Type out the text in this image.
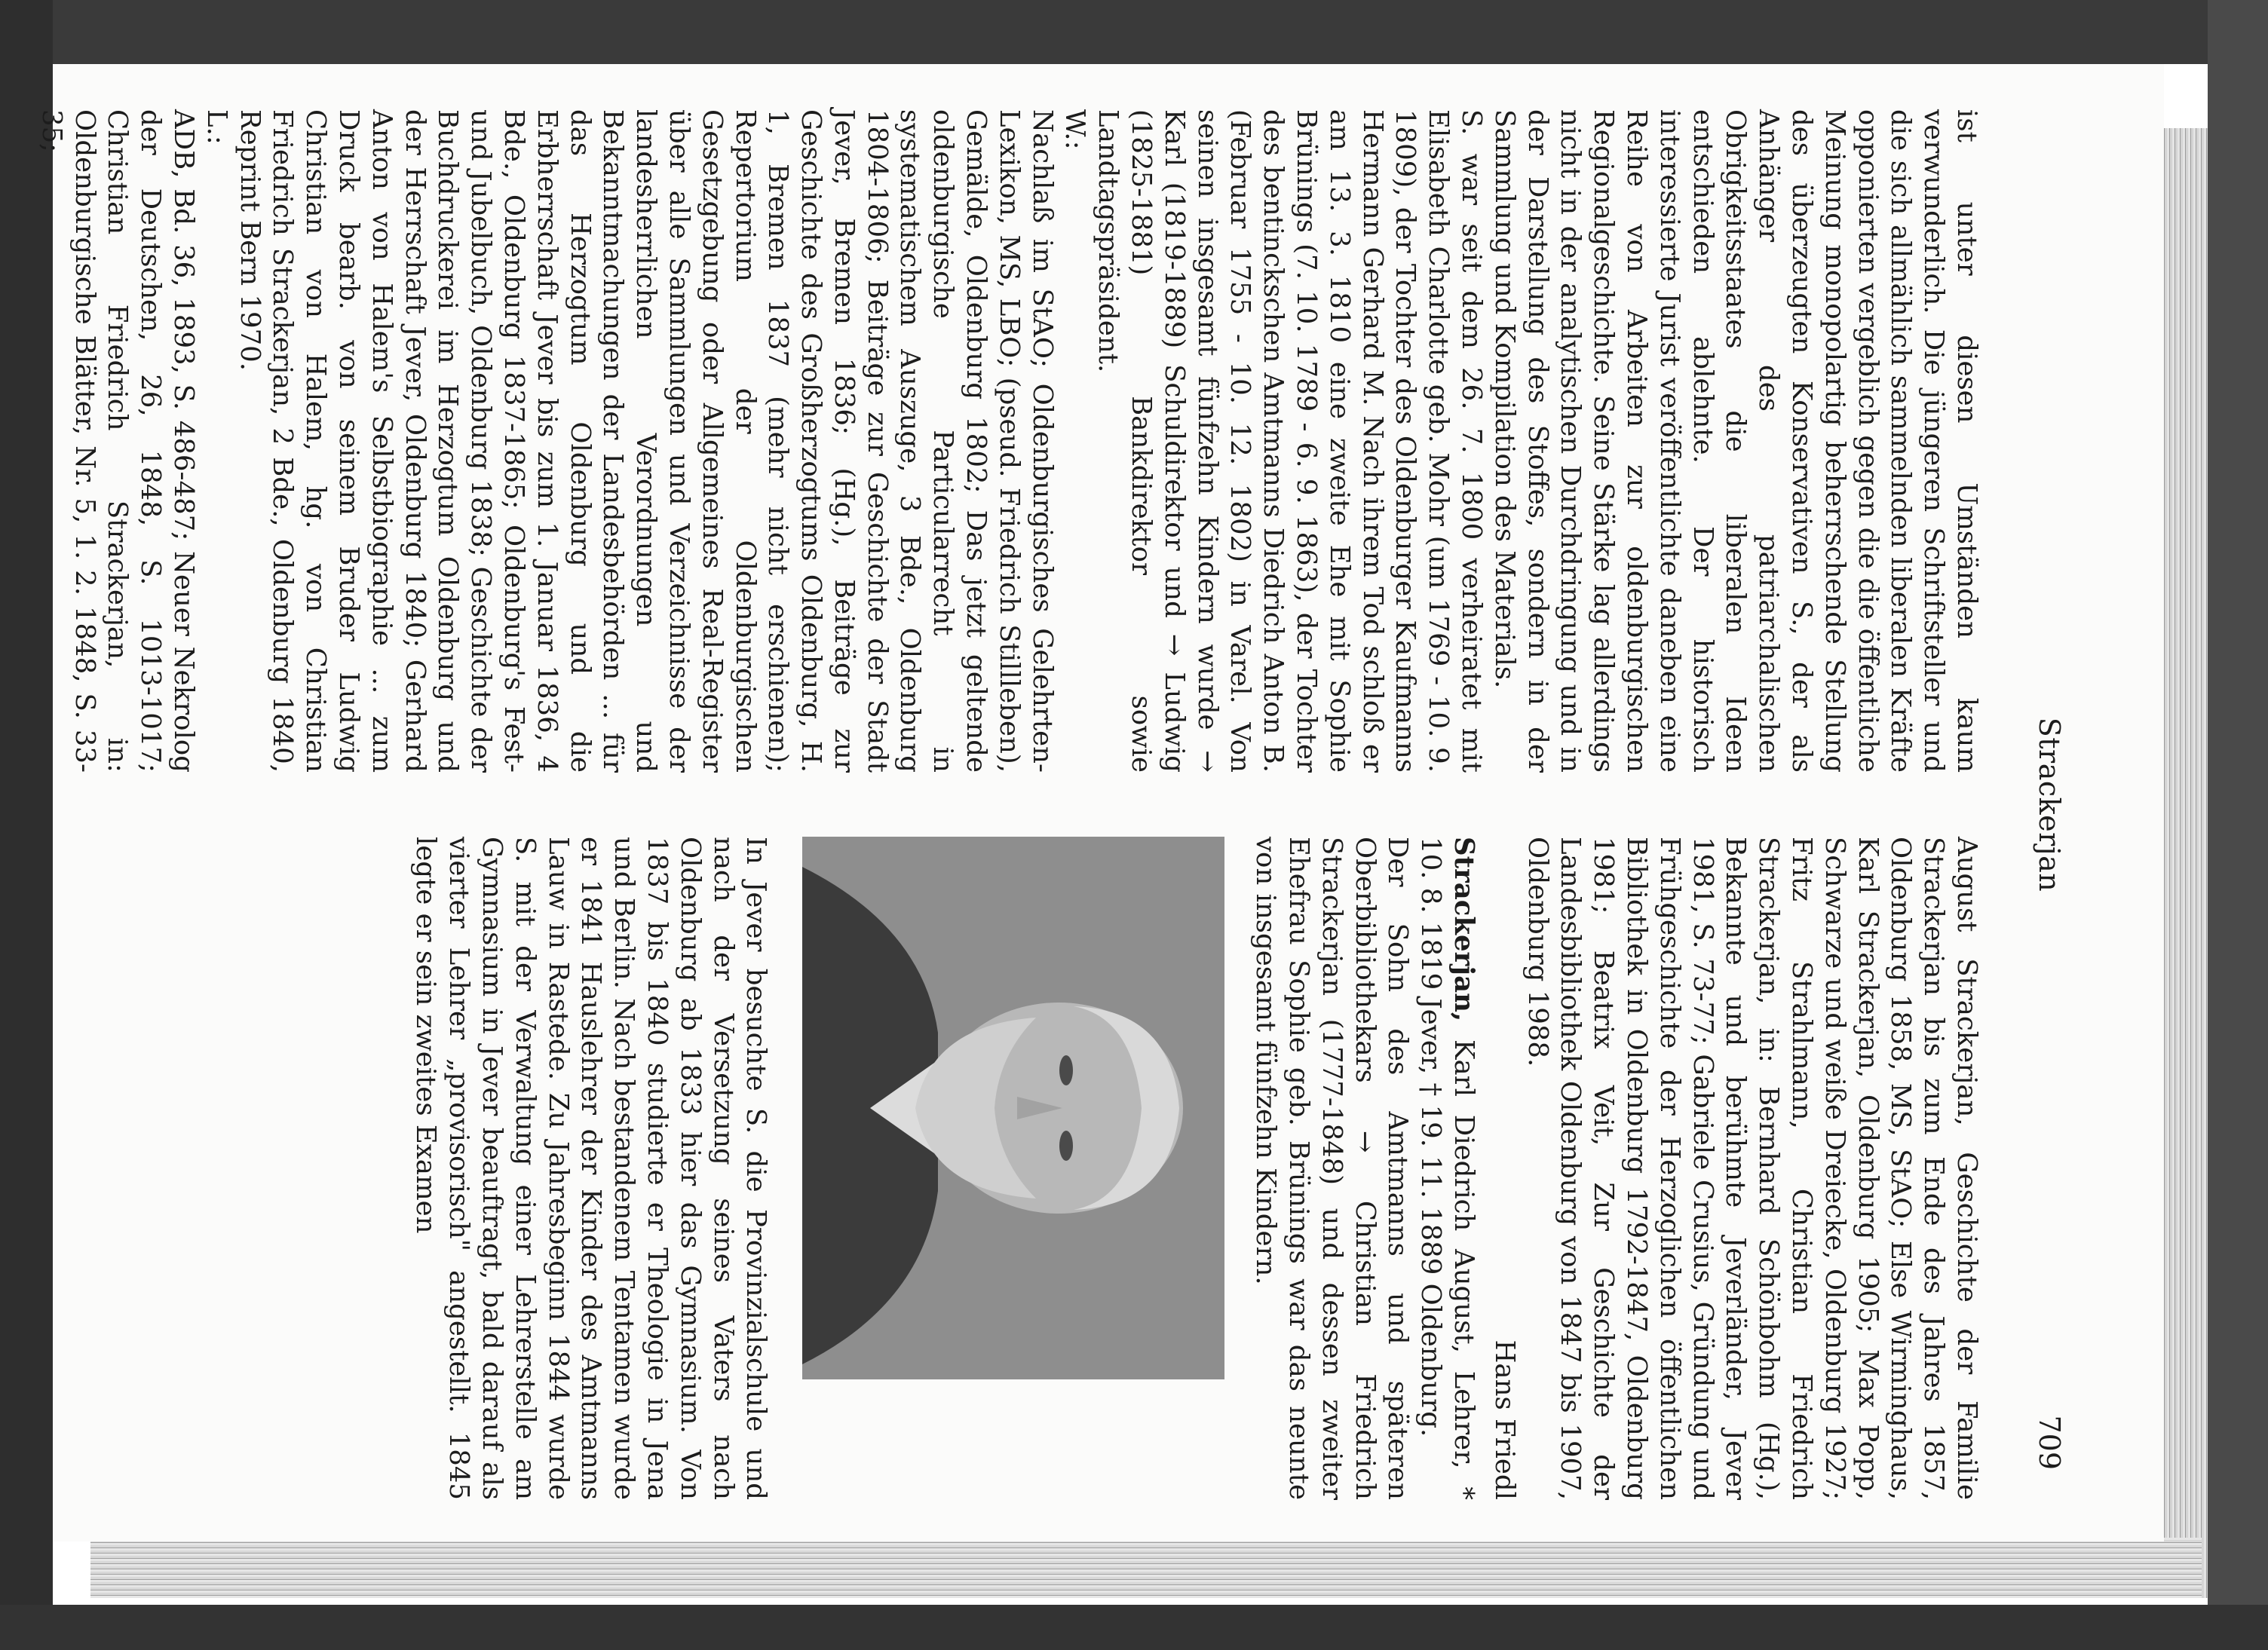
Strackerjan
709

ist unter diesen Umständen kaum verwunderlich. Die jüngeren Schriftsteller und die sich allmählich sammelnden liberalen Kräfte opponierten vergeblich gegen die die öffentliche Meinung monopolartig beherrschende Stellung des überzeugten Konservativen S., der als Anhänger des patriarchalischen Obrigkeitsstaates die liberalen Ideen entschieden ablehnte. Der historisch interessierte Jurist veröffentlichte daneben eine Reihe von Arbeiten zur oldenburgischen Regionalgeschichte. Seine Stärke lag allerdings nicht in der analytischen Durchdringung und in der Darstellung des Stoffes, sondern in der Sammlung und Kompilation des Materials.

S. war seit dem 26. 7. 1800 verheiratet mit Elisabeth Charlotte geb. Mohr (um 1769 - 10. 9. 1809), der Tochter des Oldenburger Kaufmanns Hermann Gerhard M. Nach ihrem Tod schloß er am 13. 3. 1810 eine zweite Ehe mit Sophie Brünings (7. 10. 1789 - 6. 9. 1863), der Tochter des bentinckschen Amtmanns Diedrich Anton B. (Februar 1755 - 10. 12. 1802) in Varel. Von seinen insgesamt fünfzehn Kindern wurde → Karl (1819-1889) Schuldirektor und → Ludwig (1825-1881) Bankdirektor sowie Landtagspräsident.

W.:

Nachlaß im StAO; Oldenburgisches Gelehrten-Lexikon, MS, LBO; (pseud. Friedrich Stillleben), Gemälde, Oldenburg 1802; Das jetzt geltende oldenburgische Particularrecht in systematischem Auszuge, 3 Bde., Oldenburg 1804-1806; Beiträge zur Geschichte der Stadt Jever, Bremen 1836; (Hg.), Beiträge zur Geschichte des Großherzogtums Oldenburg, H. 1, Bremen 1837 (mehr nicht erschienen); Repertorium der Oldenburgischen Gesetzgebung oder Allgemeines Real-Register über alle Sammlungen und Verzeichnisse der landesherrlichen Verordnungen und Bekanntmachungen der Landesbehörden ... für das Herzogtum Oldenburg und die Erbherrschaft Jever bis zum 1. Januar 1836, 4 Bde., Oldenburg 1837-1865; Oldenburg's Fest- und Jubelbuch, Oldenburg 1838; Geschichte der Buchdruckerei im Herzogtum Oldenburg und der Herrschaft Jever, Oldenburg 1840; Gerhard Anton von Halem's Selbstbiographie ... zum Druck bearb. von seinem Bruder Ludwig Christian von Halem, hg. von Christian Friedrich Strackerjan, 2 Bde., Oldenburg 1840, Reprint Bern 1970.

L.:

ADB, Bd. 36, 1893, S. 486-487; Neuer Nekrolog der Deutschen, 26, 1848, S. 1013-1017; Christian Friedrich Strackerjan, in: Oldenburgische Blätter, Nr. 5, 1. 2. 1848, S. 33-35;

August Strackerjan, Geschichte der Familie Strackerjan bis zum Ende des Jahres 1857, Oldenburg 1858, MS, StAO; Else Wirminghaus, Karl Strackerjan, Oldenburg 1905; Max Popp, Schwarze und weiße Dreiecke, Oldenburg 1927; Fritz Strahlmann, Christian Friedrich Strackerjan, in: Bernhard Schönbohm (Hg.), Bekannte und berühmte Jeverländer, Jever 1981, S. 73-77; Gabriele Crusius, Gründung und Frühgeschichte der Herzoglichen öffentlichen Bibliothek in Oldenburg 1792-1847, Oldenburg 1981; Beatrix Veit, Zur Geschichte der Landesbibliothek Oldenburg von 1847 bis 1907, Oldenburg 1988.

Hans Friedl

Strackerjan, Karl Diedrich August, Lehrer, * 10. 8. 1819 Jever, † 19. 11. 1889 Oldenburg.

Der Sohn des Amtmanns und späteren Oberbibliothekars → Christian Friedrich Strackerjan (1777-1848) und dessen zweiter Ehefrau Sophie geb. Brünings war das neunte von insgesamt fünfzehn Kindern.

In Jever besuchte S. die Provinzialschule und nach der Versetzung seines Vaters nach Oldenburg ab 1833 hier das Gymnasium. Von 1837 bis 1840 studierte er Theologie in Jena und Berlin. Nach bestandenem Tentamen wurde er 1841 Hauslehrer der Kinder des Amtmanns Lauw in Rastede. Zu Jahresbeginn 1844 wurde S. mit der Verwaltung einer Lehrerstelle am Gymnasium in Jever beauftragt, bald darauf als vierter Lehrer „provisorisch" angestellt. 1845 legte er sein zweites Examen
